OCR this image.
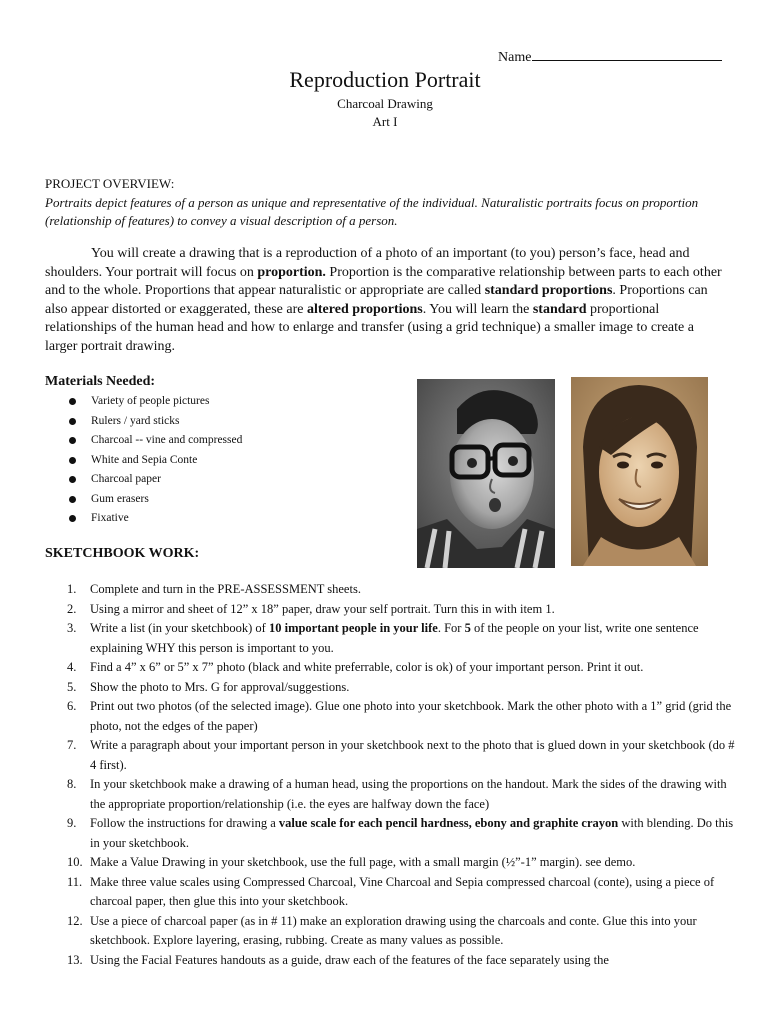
Name
Reproduction Portrait
Charcoal Drawing
Art I
PROJECT OVERVIEW:
Portraits depict features of a person as unique and representative of the individual. Naturalistic portraits focus on proportion (relationship of features) to convey a visual description of a person.
You will create a drawing that is a reproduction of a photo of an important (to you) person’s face, head and shoulders. Your portrait will focus on proportion. Proportion is the comparative relationship between parts to each other and to the whole. Proportions that appear naturalistic or appropriate are called standard proportions. Proportions can also appear distorted or exaggerated, these are altered proportions. You will learn the standard proportional relationships of the human head and how to enlarge and transfer (using a grid technique) a smaller image to create a larger portrait drawing.
Materials Needed:
Variety of people pictures
Rulers / yard sticks
Charcoal -- vine and compressed
White and Sepia Conte
Charcoal paper
Gum erasers
Fixative
SKETCHBOOK WORK:
1. Complete and turn in the PRE-ASSESSMENT sheets.
2. Using a mirror and sheet of 12” x 18” paper, draw your self portrait. Turn this in with item 1.
3. Write a list (in your sketchbook) of 10 important people in your life. For 5 of the people on your list, write one sentence explaining WHY this person is important to you.
4. Find a 4” x 6” or 5” x 7” photo (black and white preferrable, color is ok) of your important person. Print it out.
5. Show the photo to Mrs. G for approval/suggestions.
6. Print out two photos (of the selected image). Glue one photo into your sketchbook. Mark the other photo with a 1” grid (grid the photo, not the edges of the paper)
7. Write a paragraph about your important person in your sketchbook next to the photo that is glued down in your sketchbook (do # 4 first).
8. In your sketchbook make a drawing of a human head, using the proportions on the handout. Mark the sides of the drawing with the appropriate proportion/relationship (i.e. the eyes are halfway down the face)
9. Follow the instructions for drawing a value scale for each pencil hardness, ebony and graphite crayon with blending. Do this in your sketchbook.
10. Make a Value Drawing in your sketchbook, use the full page, with a small margin (½”-1” margin). see demo.
11. Make three value scales using Compressed Charcoal, Vine Charcoal and Sepia compressed charcoal (conte), using a piece of charcoal paper, then glue this into your sketchbook.
12. Use a piece of charcoal paper (as in # 11) make an exploration drawing using the charcoals and conte. Glue this into your sketchbook. Explore layering, erasing, rubbing. Create as many values as possible.
13. Using the Facial Features handouts as a guide, draw each of the features of the face separately using the
